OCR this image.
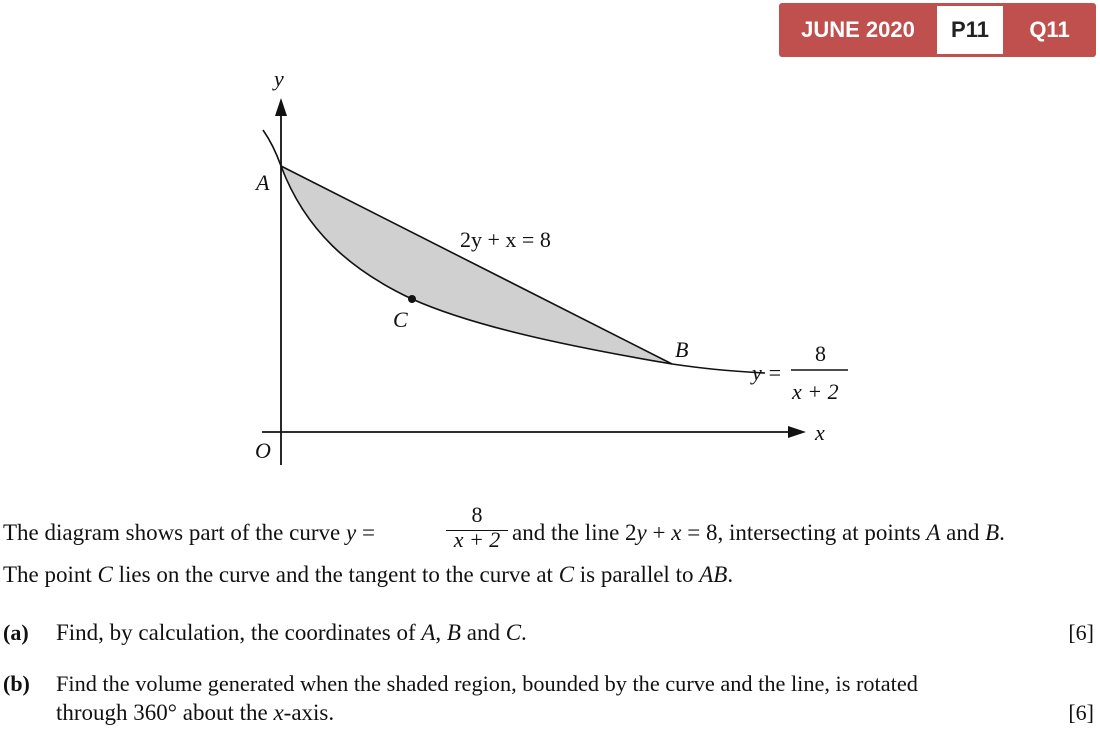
JUNE 2020	P11	Q11
y
x
O
A
B
C
2y + x = 8
y =
8
x + 2
The diagram shows part of the curve y =
8
x + 2 and the line 2y + x = 8, intersecting at points A and B.
The point C lies on the curve and the tangent to the curve at C is parallel to AB.
(a) Find, by calculation, the coordinates of A, B and C.	[6]
(b) Find the volume generated when the shaded region, bounded by the curve and the line, is rotated
through 360° about the x-axis.	[6]
